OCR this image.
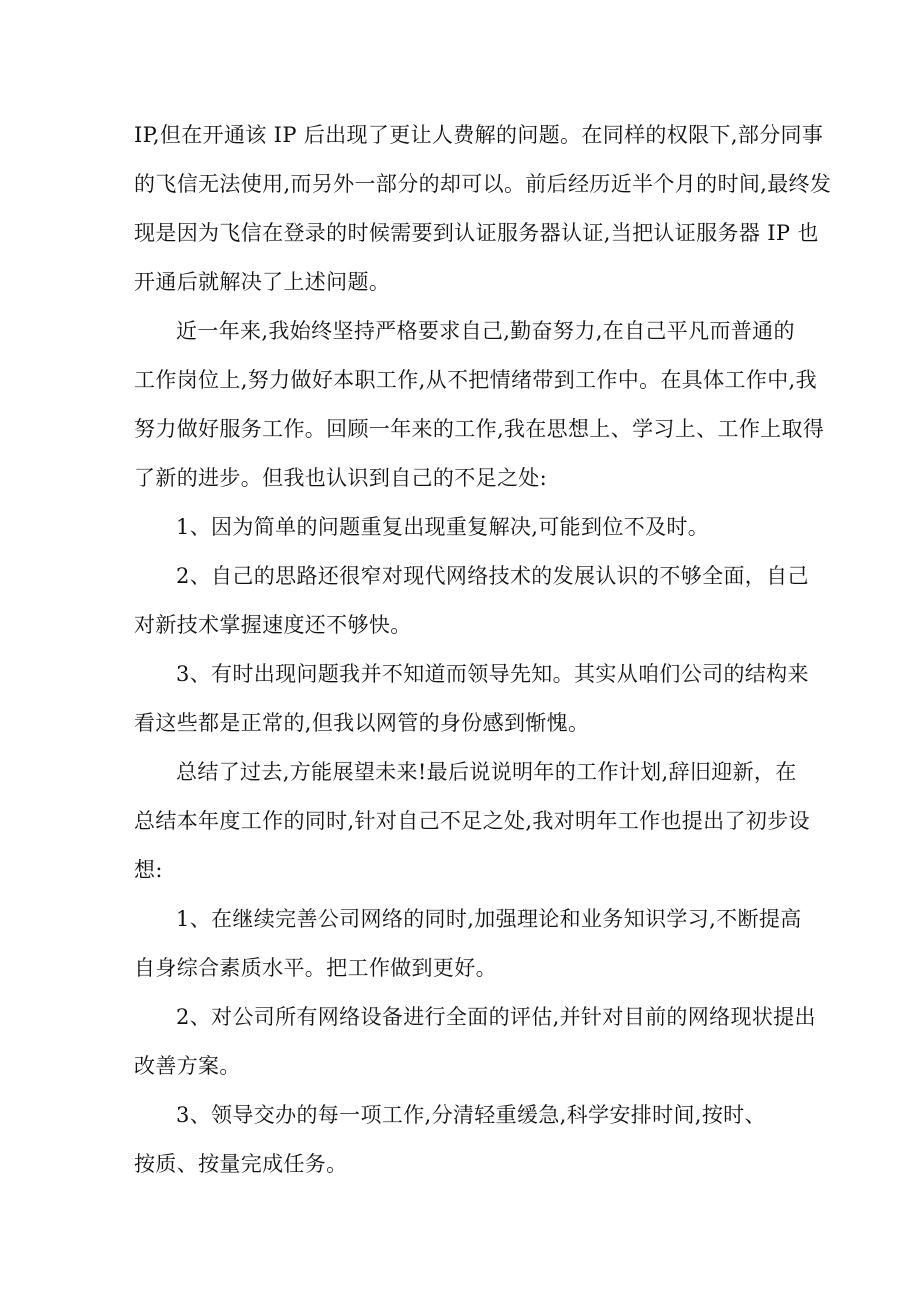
IP,但在开通该 IP 后出现了更让人费解的问题。在同样的权限下,部分同事

的飞信无法使用,而另外一部分的却可以。前后经历近半个月的时间,最终发

现是因为飞信在登录的时候需要到认证服务器认证,当把认证服务器 IP 也

开通后就解决了上述问题。

近一年来,我始终坚持严格要求自己,勤奋努力,在自己平凡而普通的

工作岗位上,努力做好本职工作,从不把情绪带到工作中。在具体工作中,我

努力做好服务工作。回顾一年来的工作,我在思想上、学习上、工作上取得

了新的进步。但我也认识到自己的不足之处:

1、因为简单的问题重复出现重复解决,可能到位不及时。

2、自己的思路还很窄对现代网络技术的发展认识的不够全面，自己

对新技术掌握速度还不够快。

3、有时出现问题我并不知道而领导先知。其实从咱们公司的结构来

看这些都是正常的,但我以网管的身份感到惭愧。

总结了过去,方能展望未来!最后说说明年的工作计划,辞旧迎新，在

总结本年度工作的同时,针对自己不足之处,我对明年工作也提出了初步设

想:

1、在继续完善公司网络的同时,加强理论和业务知识学习,不断提高

自身综合素质水平。把工作做到更好。

2、对公司所有网络设备进行全面的评估,并针对目前的网络现状提出

改善方案。

3、领导交办的每一项工作,分清轻重缓急,科学安排时间,按时、

按质、按量完成任务。
